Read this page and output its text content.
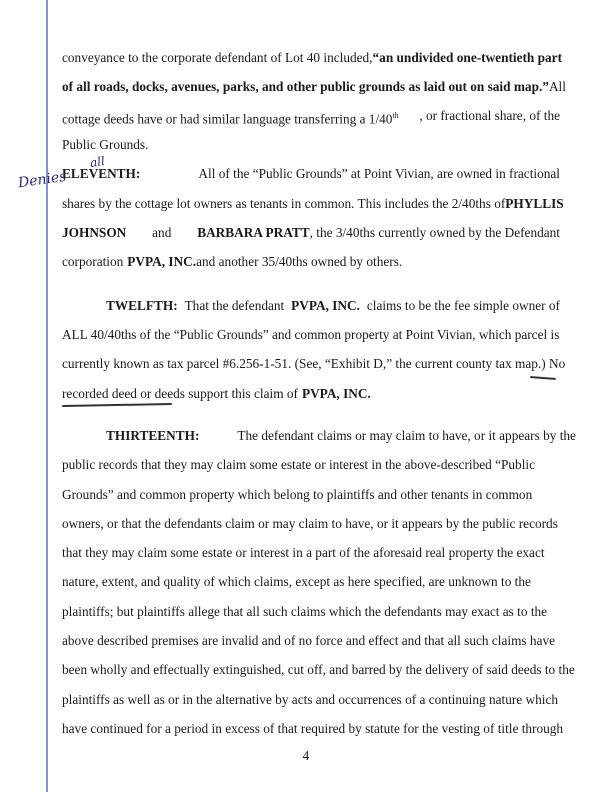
conveyance to the corporate defendant of Lot 40 included, “an undivided one-twentieth part
of all roads, docks, avenues, parks, and other public grounds as laid out on said map.” All
cottage deeds have or had similar language transferring a 1/40th , or fractional share, of the
Public Grounds.
ELEVENTH:	All of the “Public Grounds” at Point Vivian, are owned in fractional
shares by the cottage lot owners as tenants in common. This includes the 2/40ths of PHYLLIS
JOHNSON and BARBARA PRATT, the 3/40ths currently owned by the Defendant
corporation PVPA, INC. and another 35/40ths owned by others.
TWELFTH: That the defendant PVPA, INC. claims to be the fee simple owner of
ALL 40/40ths of the “Public Grounds” and common property at Point Vivian, which parcel is
currently known as tax parcel #6.256-1-51. (See, “Exhibit D,” the current county tax map.) No
recorded deed or deeds support this claim of PVPA, INC.
THIRTEENTH:	The defendant claims or may claim to have, or it appears by the
public records that they may claim some estate or interest in the above-described “Public
Grounds” and common property which belong to plaintiffs and other tenants in common
owners, or that the defendants claim or may claim to have, or it appears by the public records
that they may claim some estate or interest in a part of the aforesaid real property the exact
nature, extent, and quality of which claims, except as here specified, are unknown to the
plaintiffs; but plaintiffs allege that all such claims which the defendants may exact as to the
above described premises are invalid and of no force and effect and that all such claims have
been wholly and effectually extinguished, cut off, and barred by the delivery of said deeds to the
plaintiffs as well as or in the alternative by acts and occurrences of a continuing nature which
have continued for a period in excess of that required by statute for the vesting of title through
Denies
all
4
